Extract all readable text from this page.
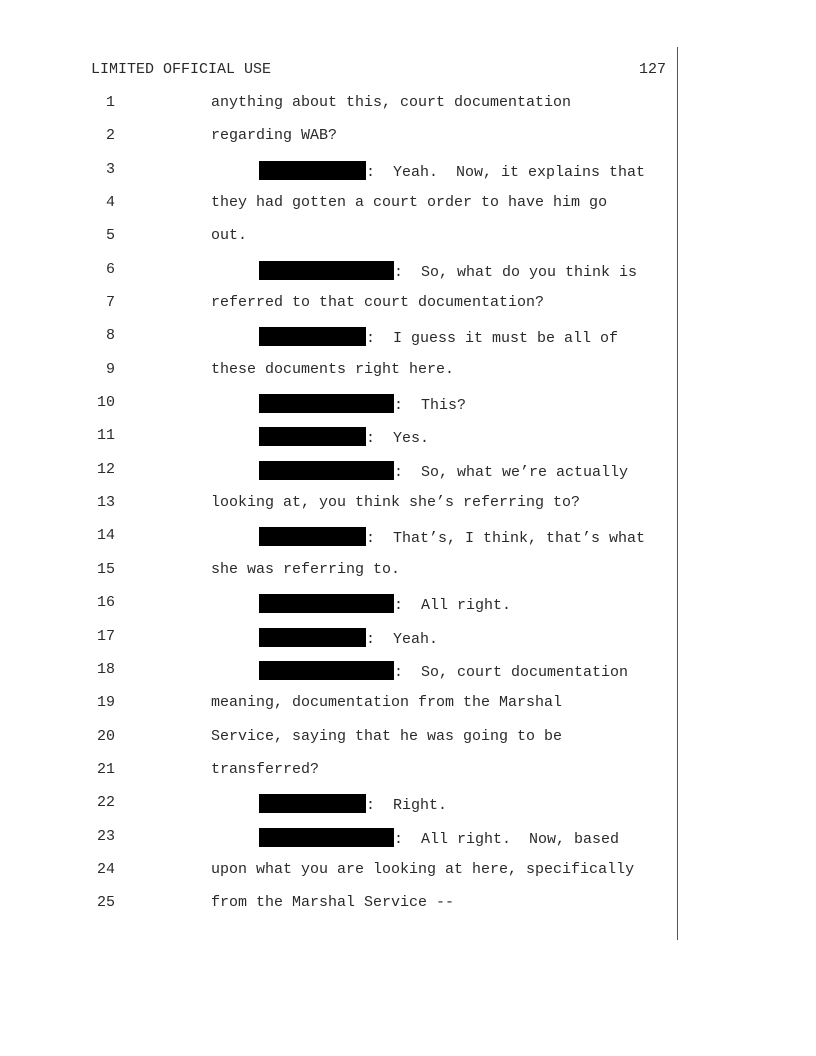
LIMITED OFFICIAL USE	127
1	anything about this, court documentation
2	regarding WAB?
3	:  Yeah.  Now, it explains that
4	they had gotten a court order to have him go
5	out.
6	:  So, what do you think is
7	referred to that court documentation?
8	:  I guess it must be all of
9	these documents right here.
10	:  This?
11	:  Yes.
12	:  So, what we’re actually
13	looking at, you think she’s referring to?
14	:  That’s, I think, that’s what
15	she was referring to.
16	:  All right.
17	:  Yeah.
18	:  So, court documentation
19	meaning, documentation from the Marshal
20	Service, saying that he was going to be
21	transferred?
22	:  Right.
23	:  All right.  Now, based
24	upon what you are looking at here, specifically
25	from the Marshal Service --
